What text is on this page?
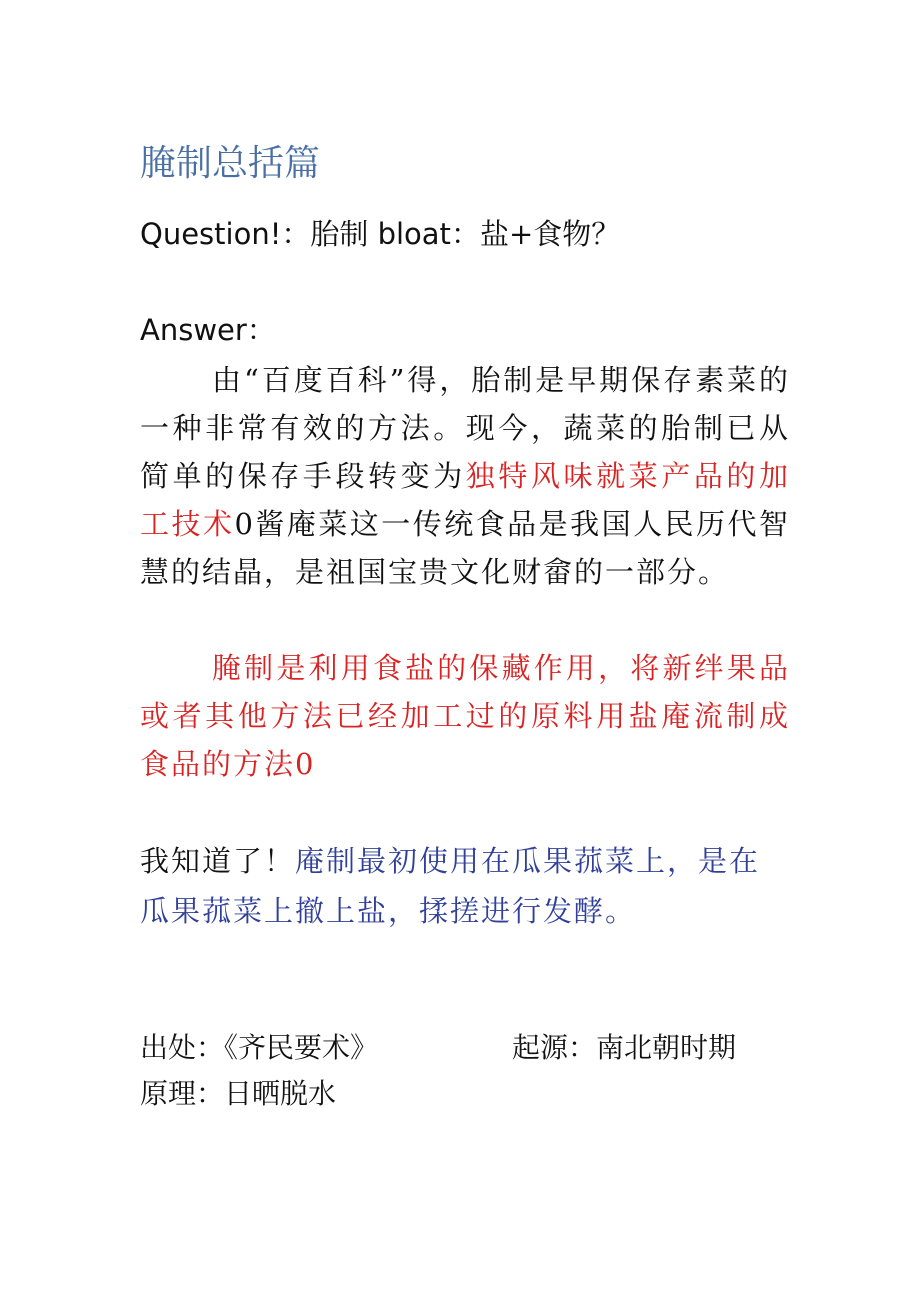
腌制总括篇
Question!：胎制 bloat：盐+食物？
Answer：
由“百度百科”得，胎制是早期保存素菜的一种非常有效的方法。现今，蔬菜的胎制已从简单的保存手段转变为独特风味就菜产品的加工技术0酱庵菜这一传统食品是我国人民历代智慧的结晶，是祖国宝贵文化财畲的一部分。
腌制是利用食盐的保藏作用，将新绊果品或者其他方法已经加工过的原料用盐庵流制成食品的方法0
我知道了！庵制最初使用在瓜果菰菜上，是在瓜果菰菜上撤上盐，揉搓进行发酵。
出处：《齐民要术》	起源：南北朝时期
原理：日晒脱水
